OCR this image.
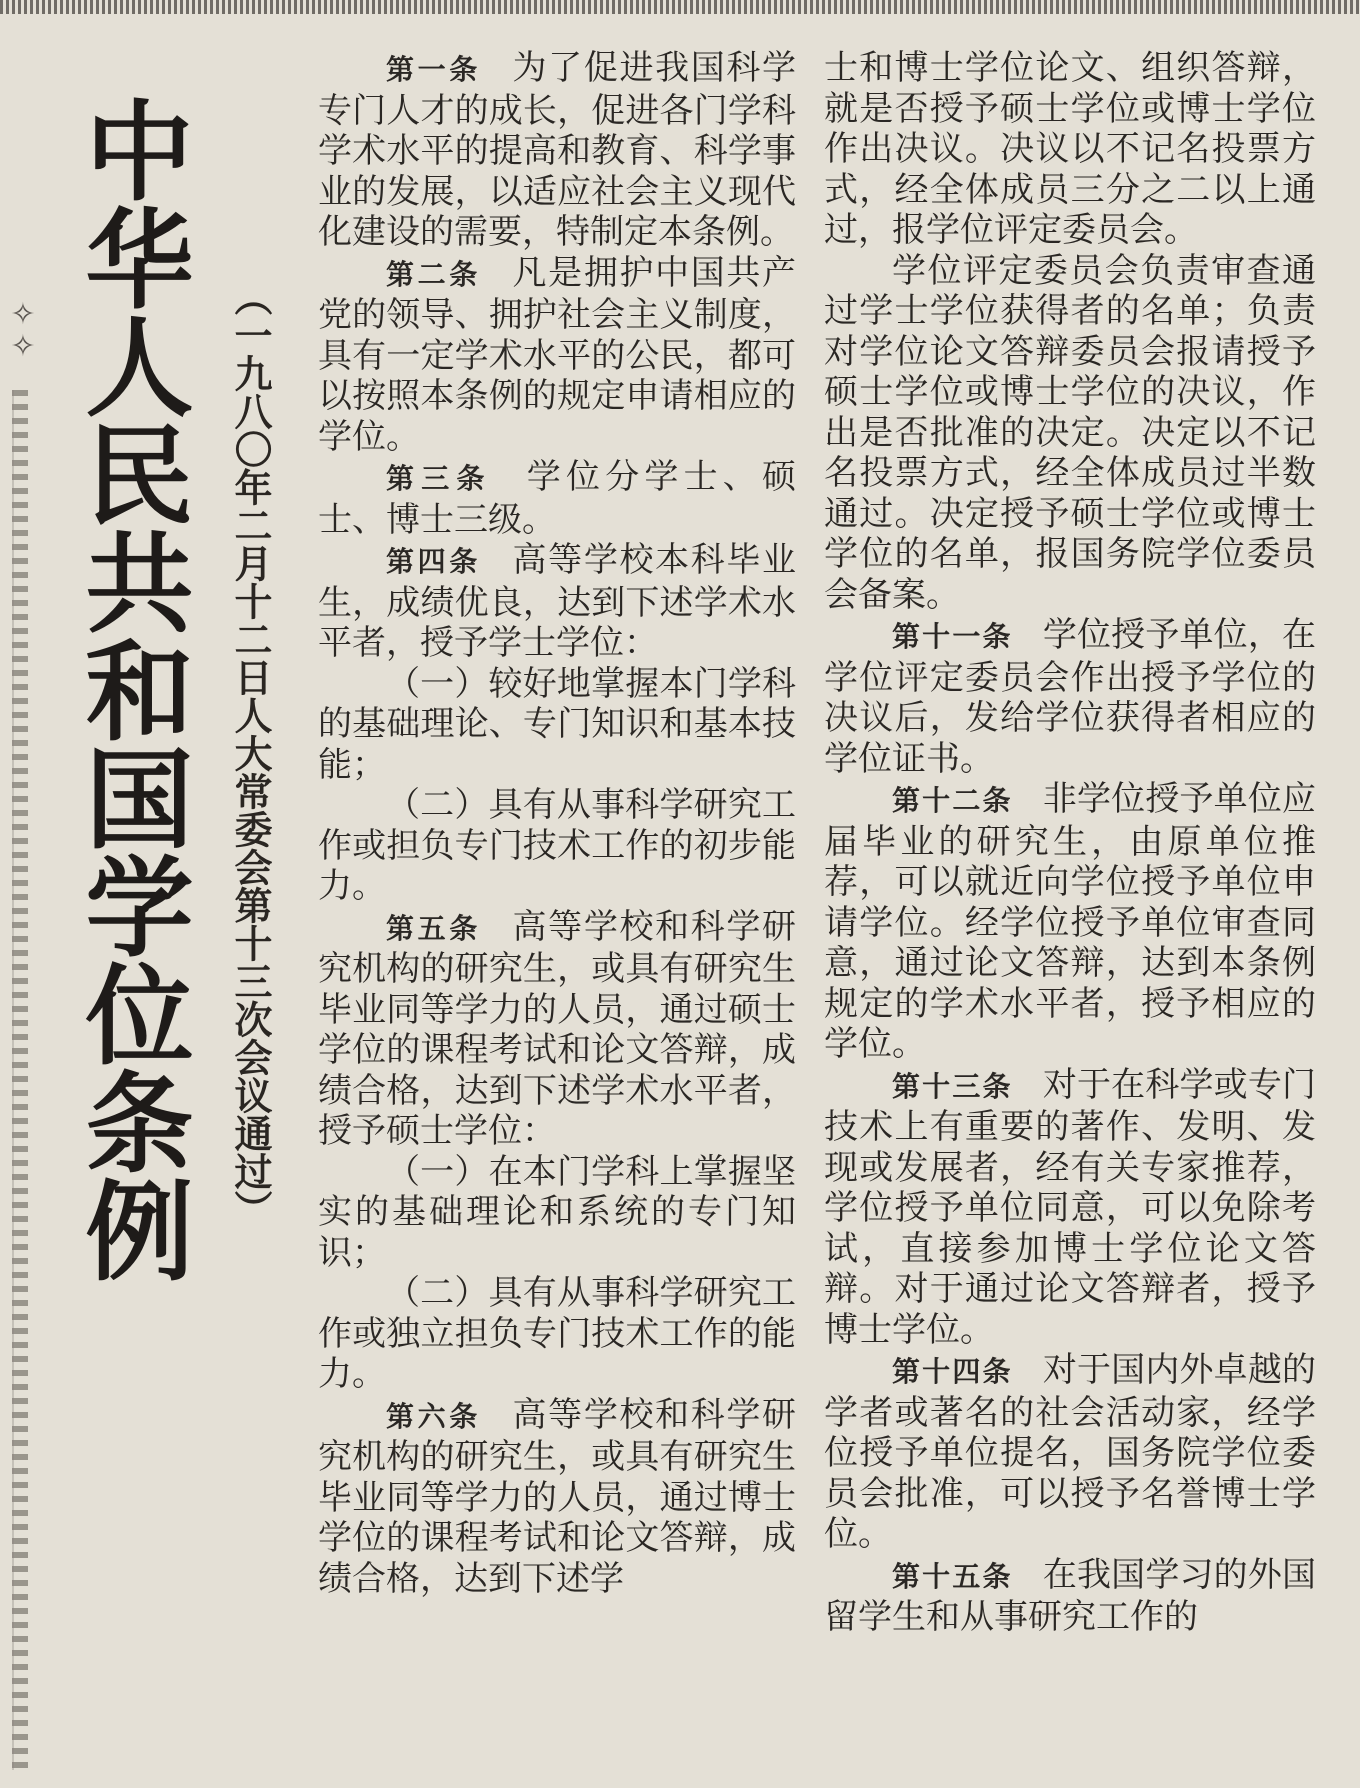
✧
✧ 中华人民共和国学位条例 （一九八〇年二月十二日人大常委会第十三次会议通过）

第一条 为了促进我国科学专门人才的成长，促进各门学科学术水平的提高和教育、科学事业的发展，以适应社会主义现代化建设的需要，特制定本条例。

第二条 凡是拥护中国共产党的领导、拥护社会主义制度，具有一定学术水平的公民，都可以按照本条例的规定申请相应的学位。

第三条 学位分学士、硕士、博士三级。

第四条 高等学校本科毕业生，成绩优良，达到下述学术水平者，授予学士学位：

（一）较好地掌握本门学科的基础理论、专门知识和基本技能；

（二）具有从事科学研究工作或担负专门技术工作的初步能力。

第五条 高等学校和科学研究机构的研究生，或具有研究生毕业同等学力的人员，通过硕士学位的课程考试和论文答辩，成绩合格，达到下述学术水平者，授予硕士学位：

（一）在本门学科上掌握坚实的基础理论和系统的专门知识；

（二）具有从事科学研究工作或独立担负专门技术工作的能力。

第六条 高等学校和科学研究机构的研究生，或具有研究生毕业同等学力的人员，通过博士学位的课程考试和论文答辩，成绩合格，达到下述学

士和博士学位论文、组织答辩，就是否授予硕士学位或博士学位作出决议。决议以不记名投票方式，经全体成员三分之二以上通过，报学位评定委员会。

学位评定委员会负责审查通过学士学位获得者的名单；负责对学位论文答辩委员会报请授予硕士学位或博士学位的决议，作出是否批准的决定。决定以不记名投票方式，经全体成员过半数通过。决定授予硕士学位或博士学位的名单，报国务院学位委员会备案。

第十一条 学位授予单位，在学位评定委员会作出授予学位的决议后，发给学位获得者相应的学位证书。

第十二条 非学位授予单位应届毕业的研究生，由原单位推荐，可以就近向学位授予单位申请学位。经学位授予单位审查同意，通过论文答辩，达到本条例规定的学术水平者，授予相应的学位。

第十三条 对于在科学或专门技术上有重要的著作、发明、发现或发展者，经有关专家推荐，学位授予单位同意，可以免除考试，直接参加博士学位论文答辩。对于通过论文答辩者，授予博士学位。

第十四条 对于国内外卓越的学者或著名的社会活动家，经学位授予单位提名，国务院学位委员会批准，可以授予名誉博士学位。

第十五条 在我国学习的外国留学生和从事研究工作的
